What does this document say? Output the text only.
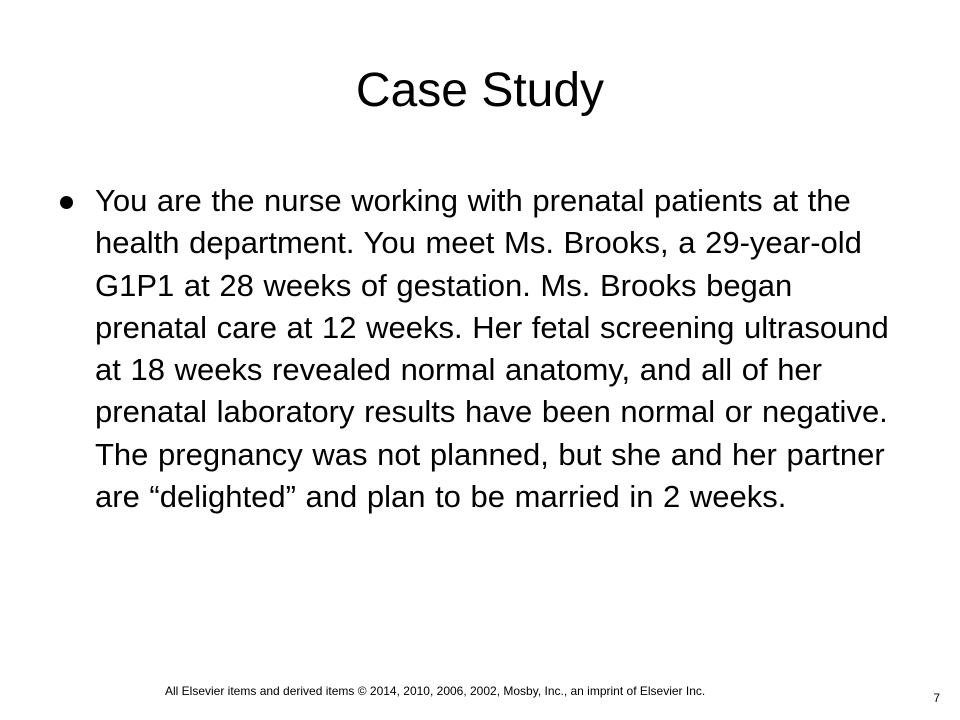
Case Study

You are the nurse working with prenatal patients at the health department. You meet Ms. Brooks, a 29-year-old G1P1 at 28 weeks of gestation. Ms. Brooks began prenatal care at 12 weeks. Her fetal screening ultrasound at 18 weeks revealed normal anatomy, and all of her prenatal laboratory results have been normal or negative. The pregnancy was not planned, but she and her partner are “delighted” and plan to be married in 2 weeks.

All Elsevier items and derived items © 2014, 2010, 2006, 2002, Mosby, Inc., an imprint of Elsevier Inc.	7
